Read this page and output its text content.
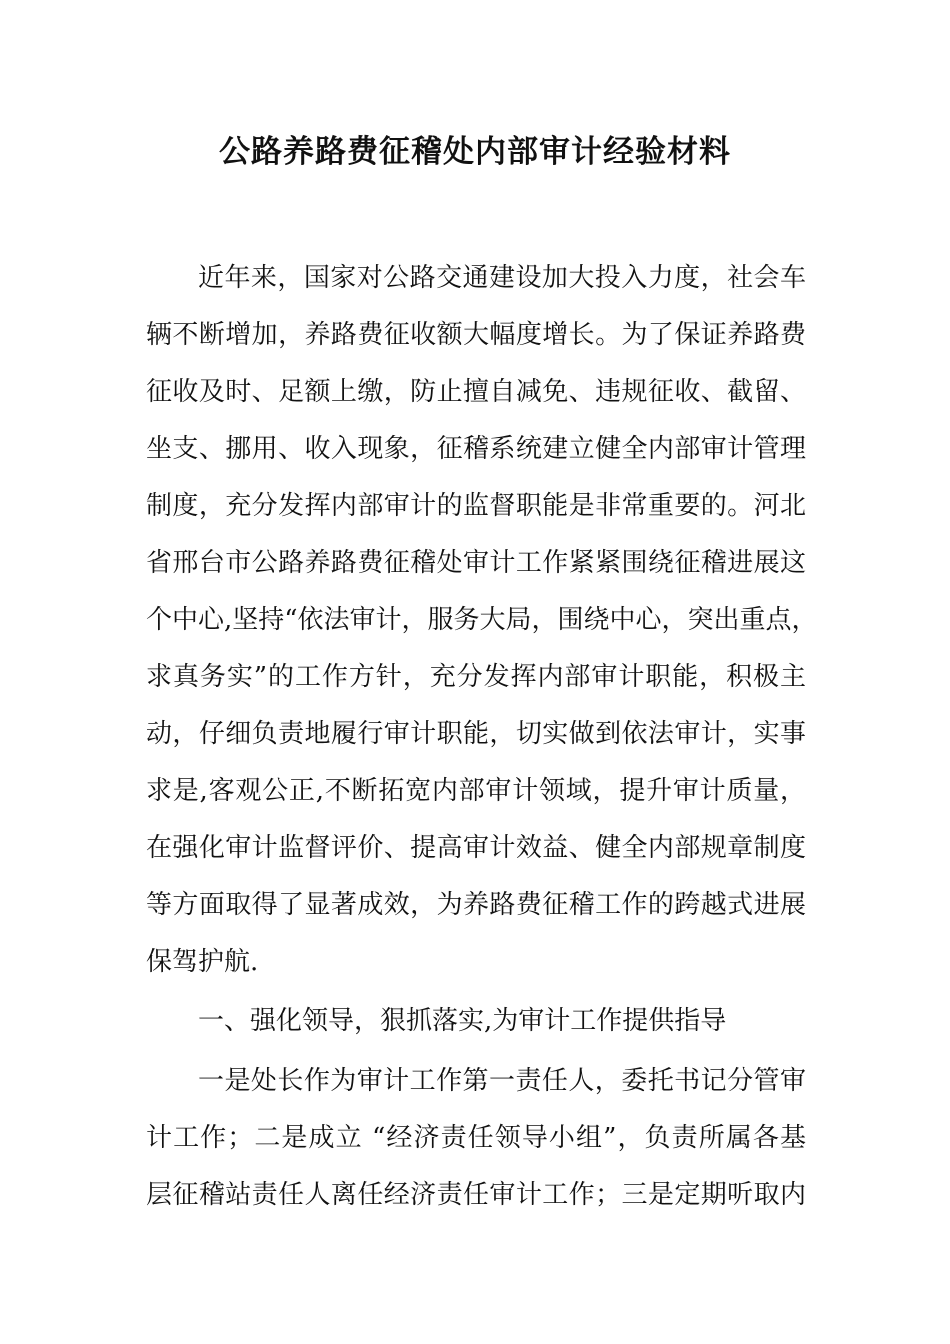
公路养路费征稽处内部审计经验材料

近年来，国家对公路交通建设加大投入力度，社会车

辆不断增加，养路费征收额大幅度增长。为了保证养路费

征收及时、足额上缴，防止擅自减免、违规征收、截留、

坐支、挪用、收入现象，征稽系统建立健全内部审计管理

制度，充分发挥内部审计的监督职能是非常重要的。河北

省邢台市公路养路费征稽处审计工作紧紧围绕征稽进展这

个中心,坚持“依法审计，服务大局，围绕中心，突出重点，

求真务实”的工作方针，充分发挥内部审计职能，积极主

动，仔细负责地履行审计职能，切实做到依法审计，实事

求是,客观公正,不断拓宽内部审计领域，提升审计质量，

在强化审计监督评价、提高审计效益、健全内部规章制度

等方面取得了显著成效，为养路费征稽工作的跨越式进展

保驾护航.

一、强化领导，狠抓落实,为审计工作提供指导

一是处长作为审计工作第一责任人，委托书记分管审

计工作；二是成立 “经济责任领导小组”，负责所属各基

层征稽站责任人离任经济责任审计工作；三是定期听取内
